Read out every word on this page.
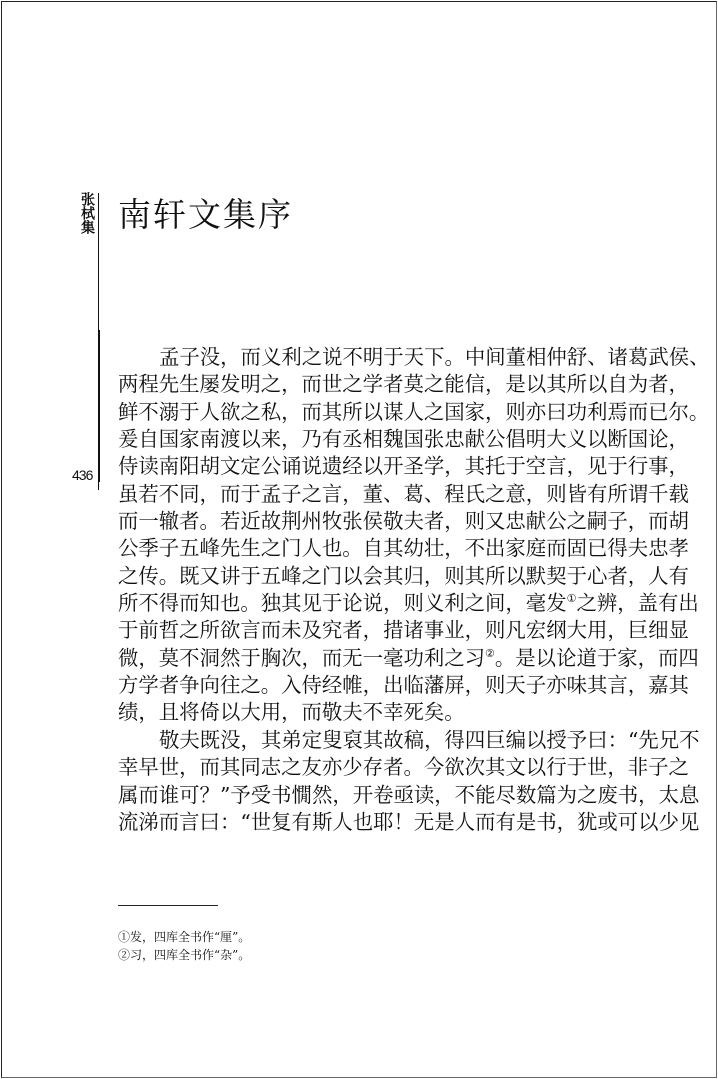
张栻集
436
南轩文集序
孟子没，而义利之说不明于天下。中间董相仲舒、诸葛武侯、
两程先生屡发明之，而世之学者莫之能信，是以其所以自为者，
鲜不溺于人欲之私，而其所以谋人之国家，则亦曰功利焉而已尔。
爰自国家南渡以来，乃有丞相魏国张忠献公倡明大义以断国论，
侍读南阳胡文定公诵说遗经以开圣学，其托于空言，见于行事，
虽若不同，而于孟子之言，董、葛、程氏之意，则皆有所谓千载
而一辙者。若近故荆州牧张侯敬夫者，则又忠献公之嗣子，而胡
公季子五峰先生之门人也。自其幼壮，不出家庭而固已得夫忠孝
之传。既又讲于五峰之门以会其归，则其所以默契于心者，人有
所不得而知也。独其见于论说，则义利之间，毫发①之辨，盖有出
于前哲之所欲言而未及究者，措诸事业，则凡宏纲大用，巨细显
微，莫不洞然于胸次，而无一毫功利之习②。是以论道于家，而四
方学者争向往之。入侍经帷，出临藩屏，则天子亦味其言，嘉其
绩，且将倚以大用，而敬夫不幸死矣。
敬夫既没，其弟定叟裒其故稿，得四巨编以授予曰：“先兄不
幸早世，而其同志之友亦少存者。今欲次其文以行于世，非子之
属而谁可？”予受书憪然，开卷亟读，不能尽数篇为之废书，太息
流涕而言曰：“世复有斯人也耶！无是人而有是书，犹或可以少见
①发，四库全书作“厘”。
②习，四库全书作“杂”。
